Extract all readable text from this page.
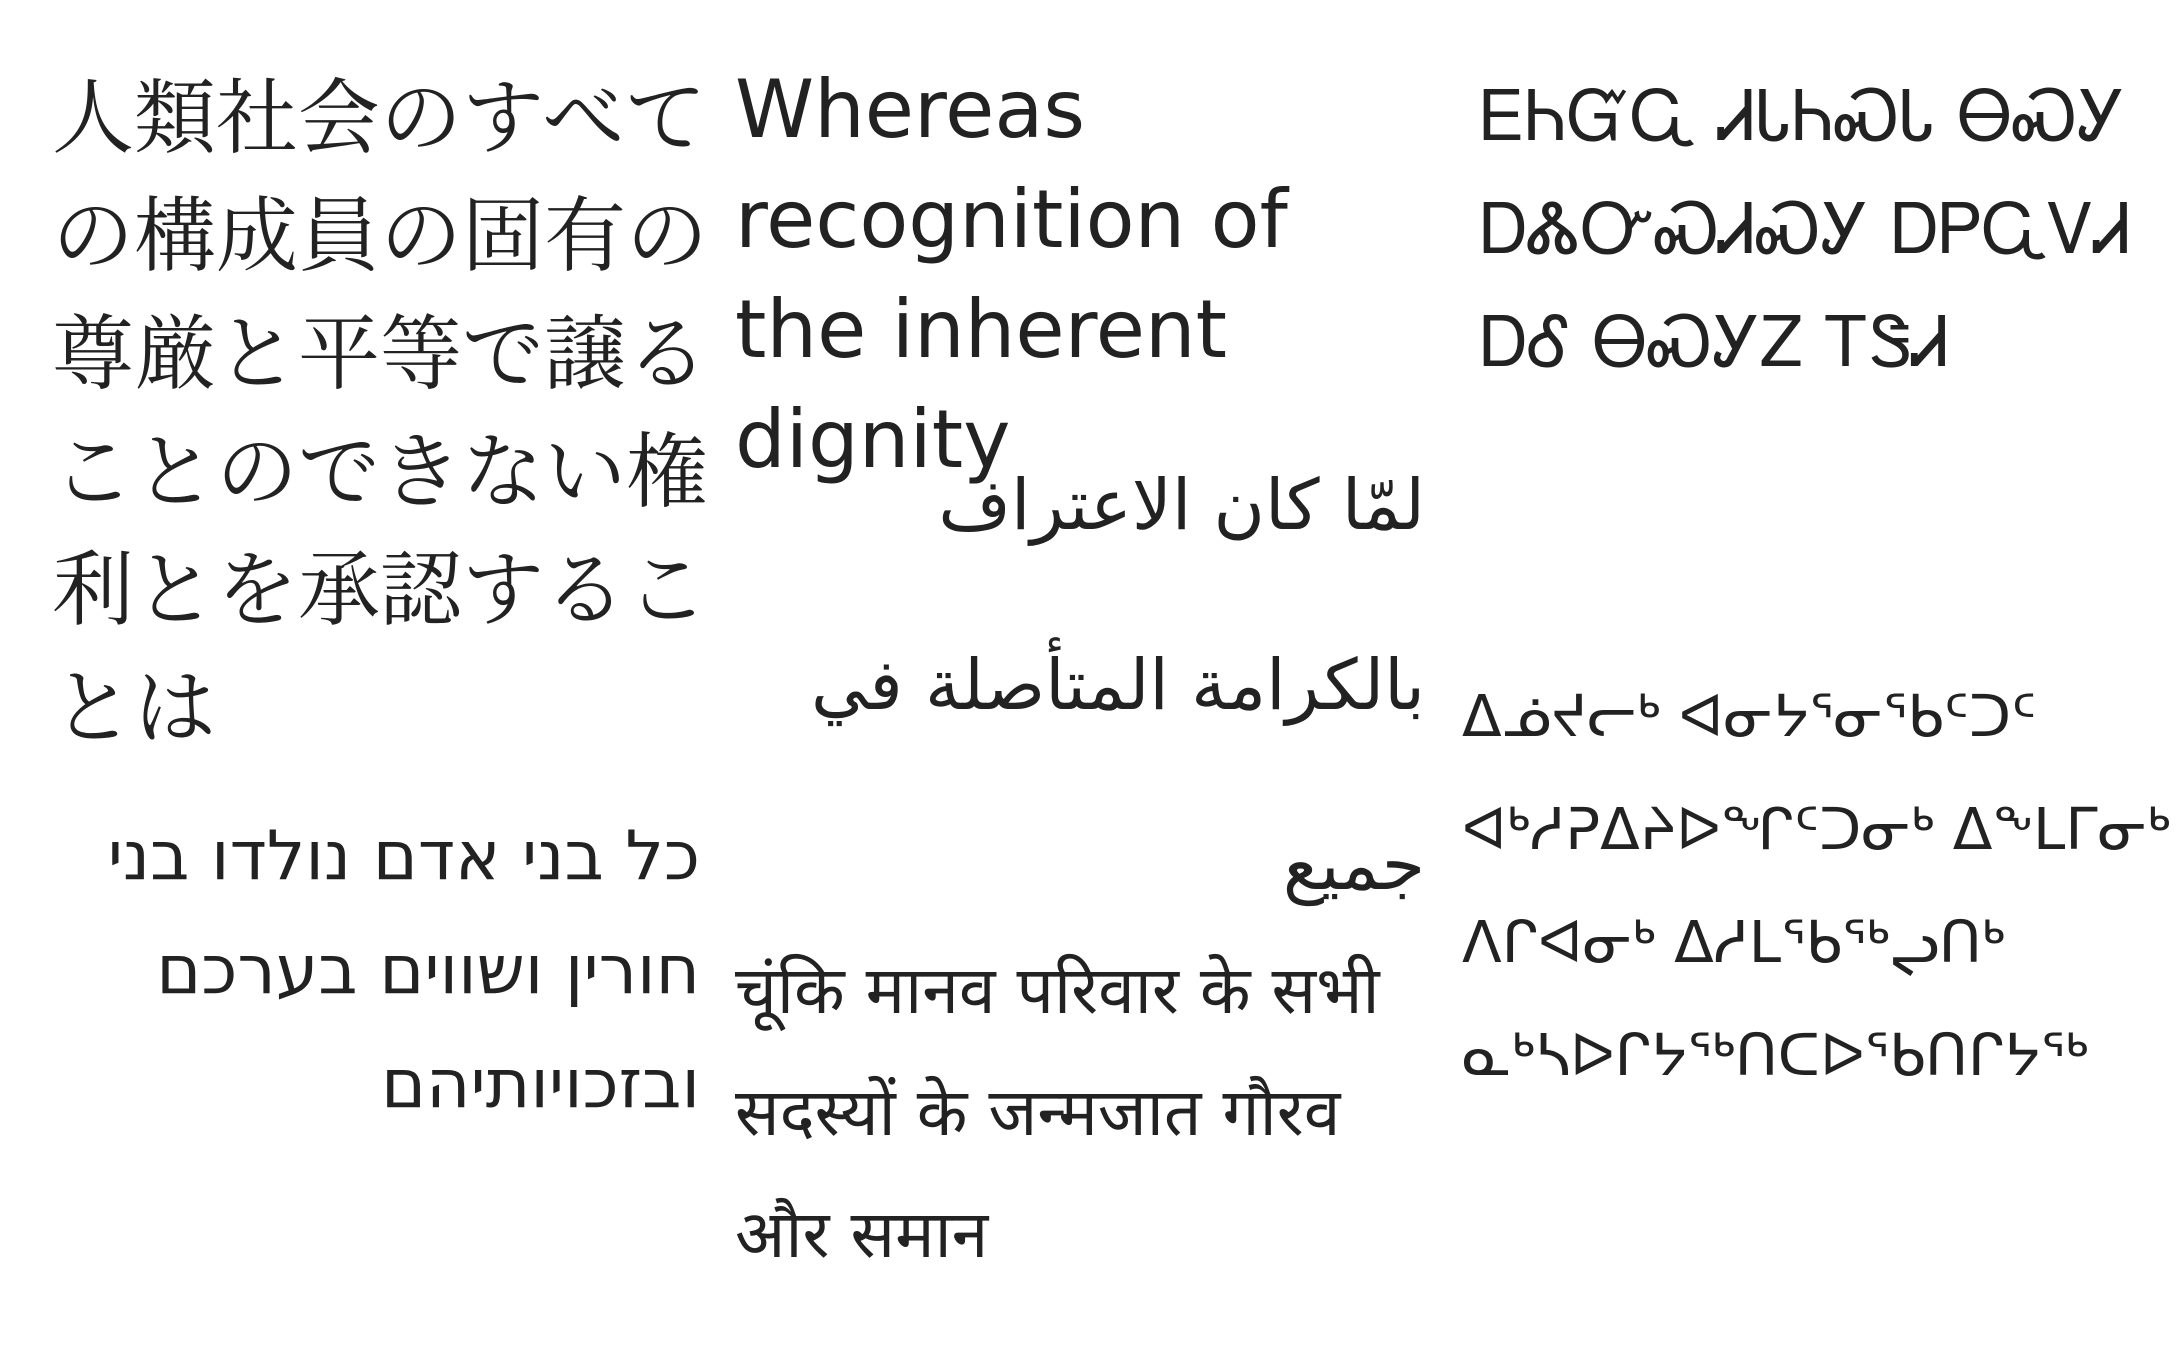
人類社会のすべての構成員の固有の尊厳と平等で譲ることのできない権利とを承認することは

כל בני אדם נולדו בני חורין ושווים בערכם ובזכויותיהם

Whereas recognition of the inherent dignity

لمّا كان الاعتراف بالكرامة المتأصلة في جميع

चूंकि मानव परिवार के सभी सदस्यों के जन्मजात गौरव और समान

ᎬᏂᏳᏩ ᏗᏓᏂᏍᏓ ᎾᏍᎩ ᎠᏜᏅᏍᏗᏍᎩ ᎠᏢᏩᏙᏗ ᎠᎴ ᎾᏍᎩᏃ ᎢᏕᏗ

ᐃᓅᔪᓕᒃ ᐊᓂᔭᕐᓂᖃᑦᑐᑦ ᐊᒃᓱᕈᐃᔨᐅᖏᑦᑐᓂᒃ ᐃᖕᒪᒥᓂᒃ ᐱᒋᐊᓂᒃ ᐃᓱᒪᖃᖅᖢᑎᒃ ᓇᒃᓴᐅᒋᔭᖅᑎᑕᐅᖃᑎᒋᔭᖅ
